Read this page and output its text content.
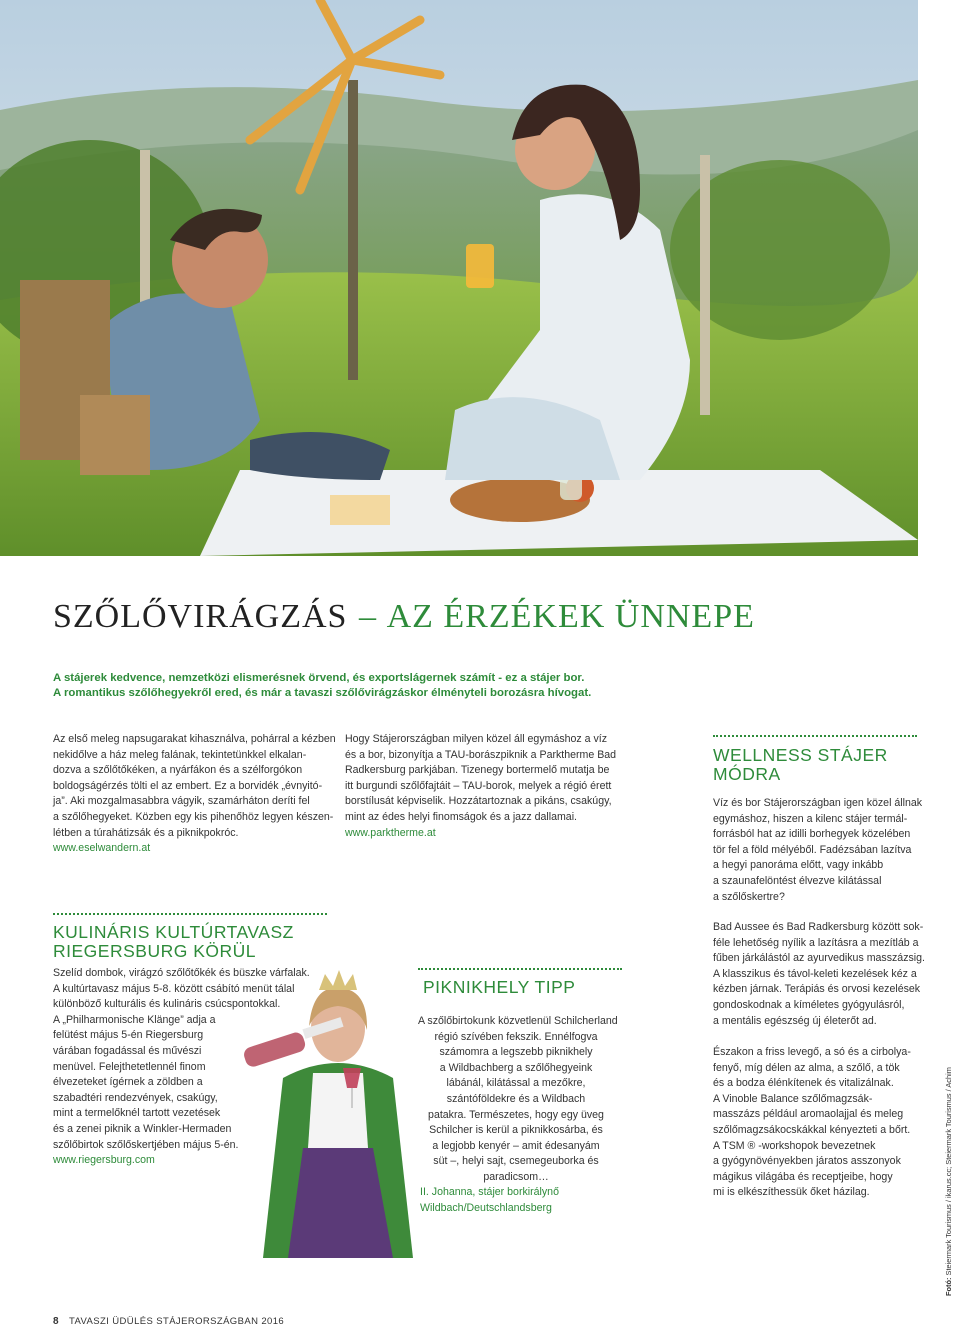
SZŐLŐVIRÁGZÁS – AZ ÉRZÉKEK ÜNNEPE
A stájerek kedvence, nemzetközi elismerésnek örvend, és exportslágernek számít - ez a stájer bor.
A romantikus szőlőhegyekről ered, és már a tavaszi szőlővirágzáskor élményteli borozásra hívogat.
Az első meleg napsugarakat kihasználva, pohárral a kézben
nekidőlve a ház meleg falának, tekintetünkkel elkalan-
dozva a szőlőtőkéken, a nyárfákon és a szélforgókon
boldogságérzés tölti el az embert. Ez a borvidék „évnyitó-
ja”. Aki mozgalmasabbra vágyik, szamárháton deríti fel
a szőlőhegyeket. Közben egy kis pihenőhöz legyen készen-
létben a túrahátizsák és a piknikpokróc.
www.eselwandern.at
Hogy Stájerországban milyen közel áll egymáshoz a víz
és a bor, bizonyítja a TAU-borászpiknik a Parktherme Bad
Radkersburg parkjában. Tizenegy bortermelő mutatja be
itt burgundi szőlőfajtáit – TAU-borok, melyek a régió érett
borstílusát képviselik. Hozzátartoznak a pikáns, csakúgy,
mint az édes helyi finomságok és a jazz dallamai.
www.parktherme.at
WELLNESS STÁJER
MÓDRA
Víz és bor Stájerországban igen közel állnak
egymáshoz, hiszen a kilenc stájer termál-
forrásból hat az idilli borhegyek közelében
tör fel a föld mélyéből. Fadézsában lazítva
a hegyi panoráma előtt, vagy inkább
a szaunafelöntést élvezve kilátással
a szőlőskertre?
Bad Aussee és Bad Radkersburg között sok-
féle lehetőség nyílik a lazításra a mezítláb a
fűben járkálástól az ayurvedikus masszázsig.
A klasszikus és távol-keleti kezelések kéz a
kézben járnak. Terápiás és orvosi kezelések
gondoskodnak a kíméletes gyógyulásról,
a mentális egészség új életerőt ad.
Északon a friss levegő, a só és a cirbolya-
fenyő, míg délen az alma, a szőlő, a tök
és a bodza élénkítenek és vitalizálnak.
A Vinoble Balance szőlőmagzsák-
masszázs például aromaolajjal és meleg
szőlőmagzsákocskákkal kényezteti a bőrt.
A TSM ® -workshopok bevezetnek
a gyógynövényekben járatos asszonyok
mágikus világába és receptjeibe, hogy
mi is elkészíthessük őket házilag.
KULINÁRIS KULTÚRTAVASZ
RIEGERSBURG KÖRÜL
Szelíd dombok, virágzó szőlőtőkék és büszke várfalak.
A kultúrtavasz május 5-8. között csábító menüt tálal
különböző kulturális és kulináris csúcspontokkal.
A „Philharmonische Klänge” adja a
felütést május 5-én Riegersburg
várában fogadással és művészi
menüvel. Felejthetetlennél finom
élvezeteket ígérnek a zöldben a
szabadtéri rendezvények, csakúgy,
mint a termelőknél tartott vezetések
és a zenei piknik a Winkler-Hermaden
szőlőbirtok szőlőskertjében május 5-én.
www.riegersburg.com
PIKNIKHELY TIPP
A szőlőbirtokunk közvetlenül Schilcherland
régió szívében fekszik. Ennélfogva
számomra a legszebb piknikhely
a Wildbachberg a szőlőhegyeink
lábánál, kilátással a mezőkre,
szántóföldekre és a Wildbach
patakra. Természetes, hogy egy üveg
Schilcher is kerül a piknikkosárba, és
a legjobb kenyér – amit édesanyám
süt –, helyi sajt, csemegeuborka és
paradicsom…
II. Johanna, stájer borkirálynő
Wildbach/Deutschlandsberg
8 TAVASZI ÜDÜLÉS STÁJERORSZÁGBAN 2016
Fotó: Steiermark Tourismus / ikarus.cc; Steiermark Tourismus / Achim
